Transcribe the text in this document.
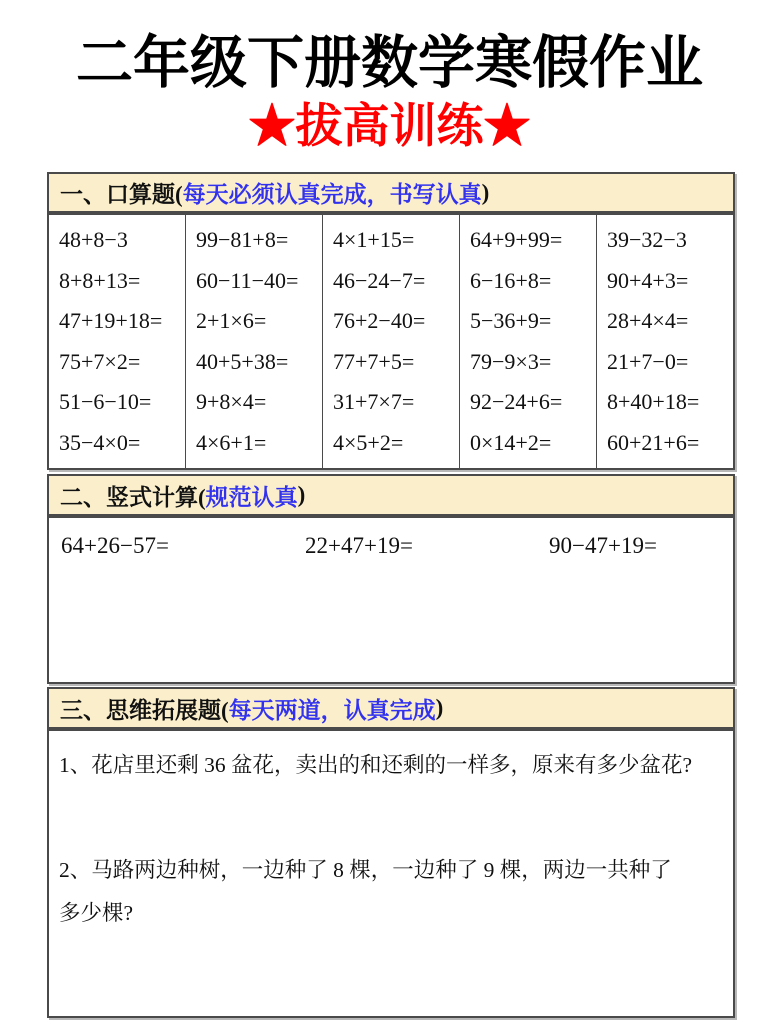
二年级下册数学寒假作业
★拔高训练★
一、口算题( 每天必须认真完成，书写认真 )
48+8−3
8+8+13=
47+19+18=
75+7×2=
51−6−10=
35−4×0=
99−81+8=
60−11−40=
2+1×6=
40+5+38=
9+8×4=
4×6+1=
4×1+15=
46−24−7=
76+2−40=
77+7+5=
31+7×7=
4×5+2=
64+9+99=
6−16+8=
5−36+9=
79−9×3=
92−24+6=
0×14+2=
39−32−3
90+4+3=
28+4×4=
21+7−0=
8+40+18=
60+21+6=
二、竖式计算( 规范认真 )
64+26−57=	22+47+19=	90−47+19=
三、思维拓展题( 每天两道，认真完成 )

1、花店里还剩 36 盆花，卖出的和还剩的一样多，原来有多少盆花?

2、马路两边种树，一边种了 8 棵，一边种了 9 棵，两边一共种了
多少棵?
